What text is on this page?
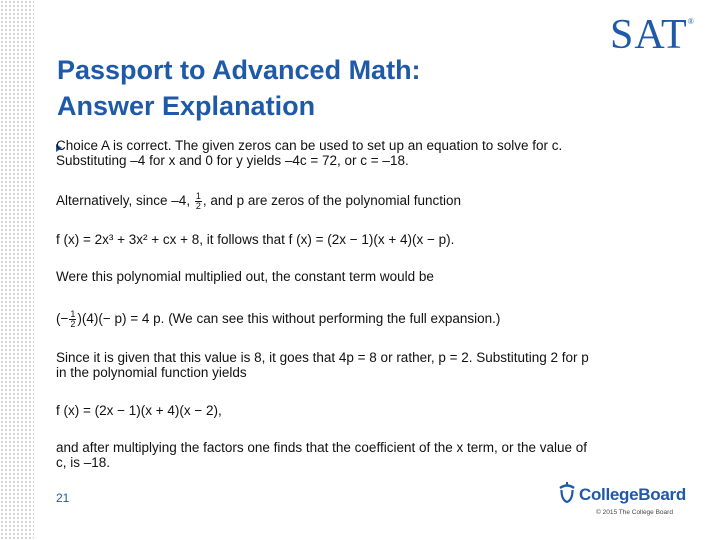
Passport to Advanced Math:
Answer Explanation
SAT®
Choice A is correct. The given zeros can be used to set up an equation to solve for c.
Substituting –4 for x and 0 for y yields –4c = 72, or c = –18.
Alternatively, since –4, $\frac{1}{2}$ , and p are zeros of the polynomial function
f (x) = 2x³ + 3x² + cx + 8, it follows that f (x) = (2x − 1)(x + 4)(x − p).
Were this polynomial multiplied out, the constant term would be
(− $\frac{1}{2} )(4)(- p) = 4$ p. (We can see this without performing the full expansion.)
Since it is given that this value is 8, it goes that 4p = 8 or rather, p = 2. Substituting 2 for p
in the polynomial function yields
f (x) = (2x − 1)(x + 4)(x − 2),
and after multiplying the factors one finds that the coefficient of the x term, or the value of
c, is –18.
21	CollegeBoard
© 2015 The College Board
